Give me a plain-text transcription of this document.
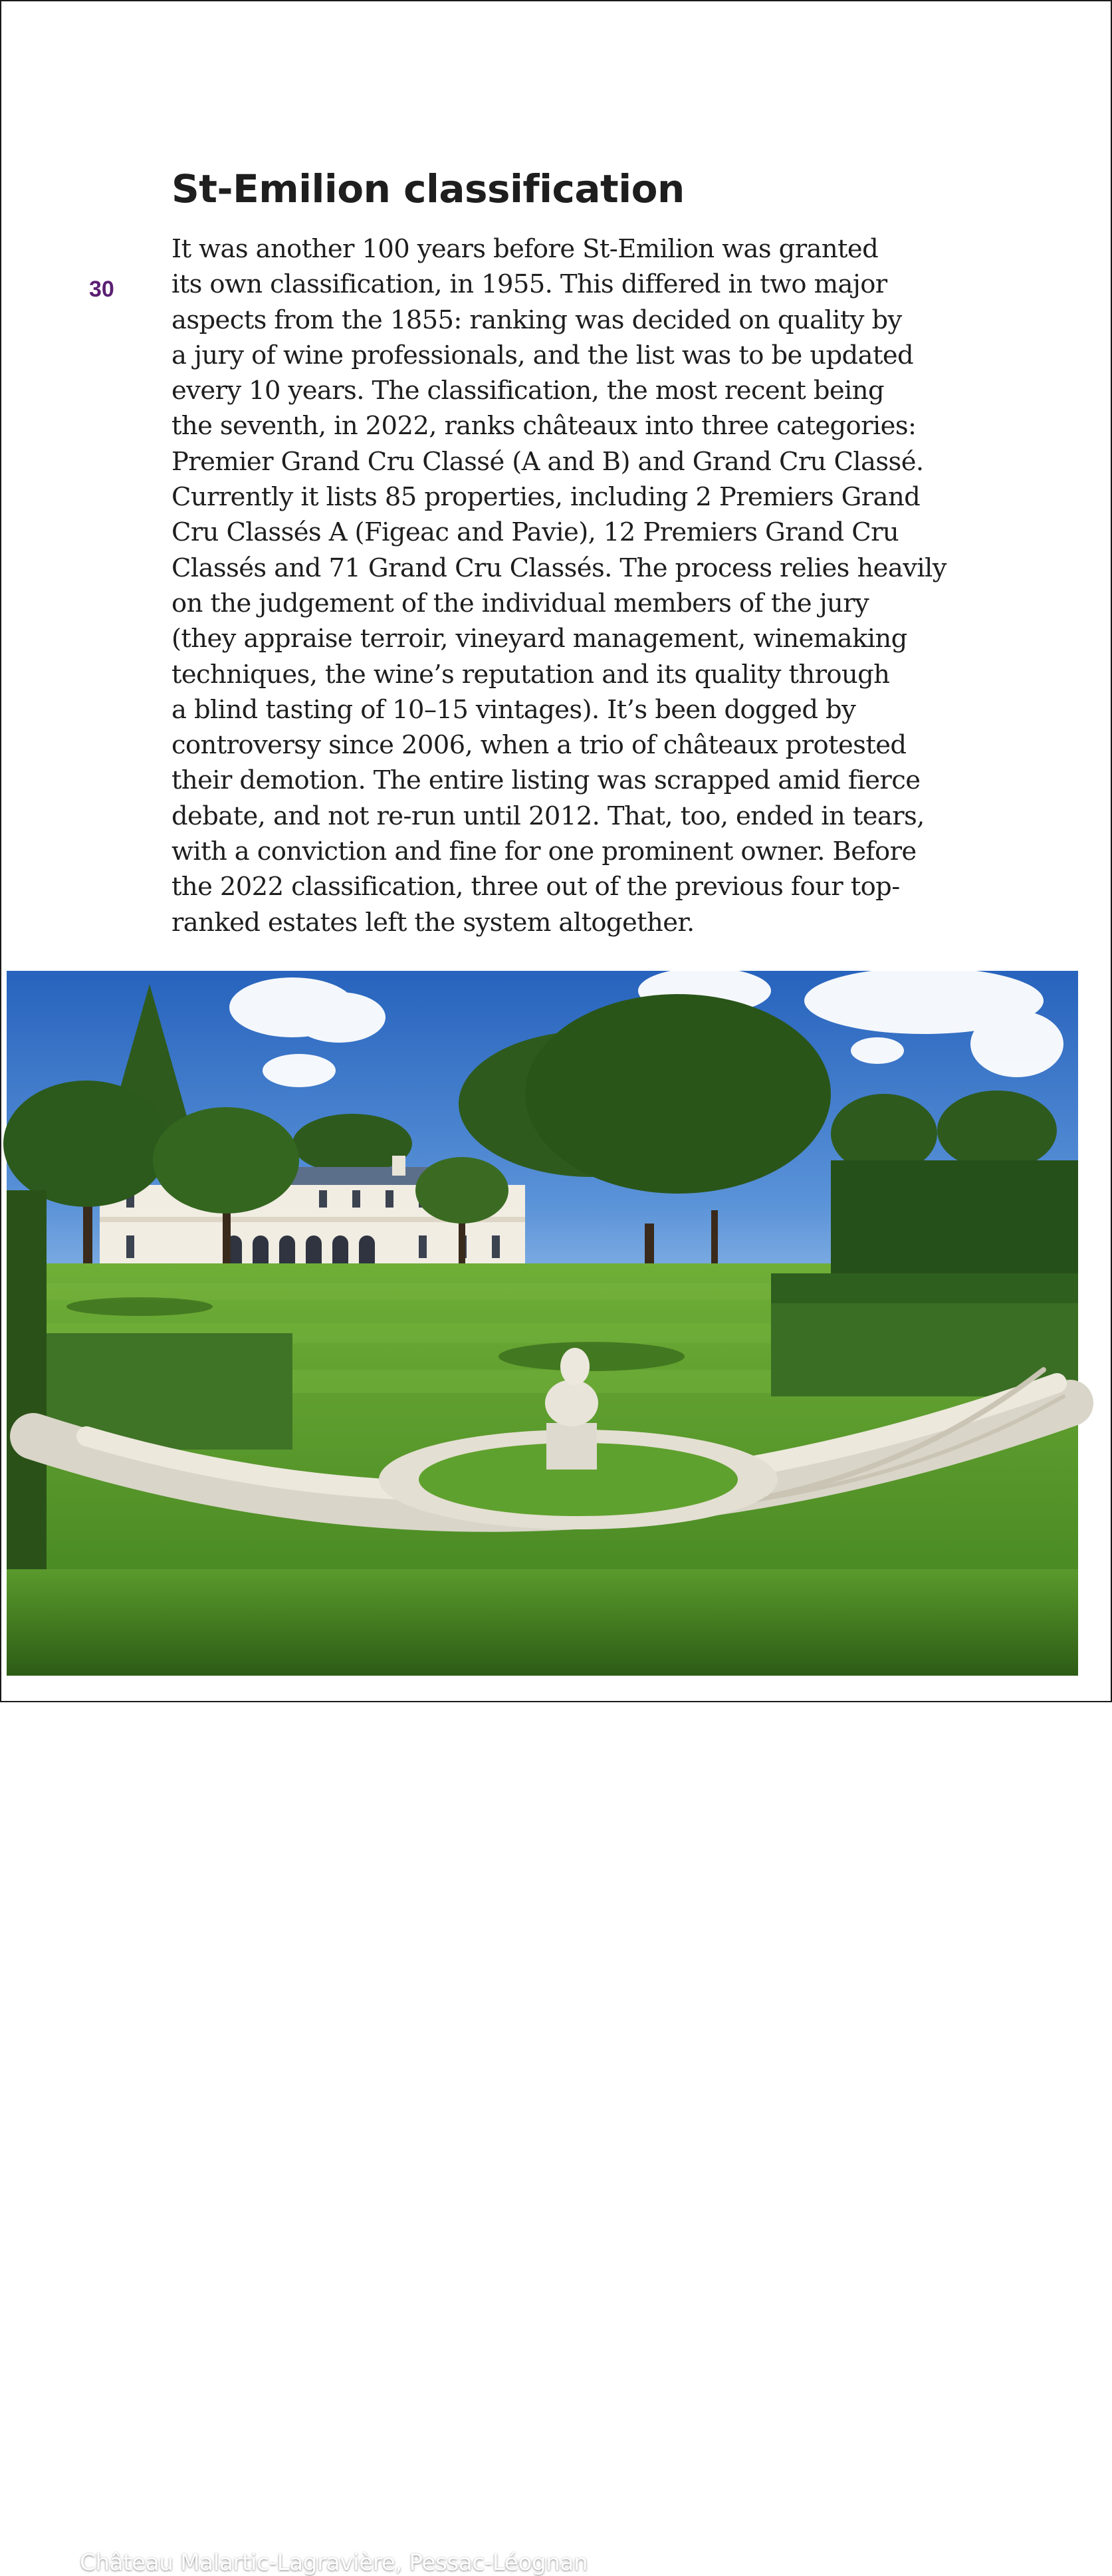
30
St-Emilion classification
It was another 100 years before St-Emilion was granted
its own classification, in 1955. This differed in two major
aspects from the 1855: ranking was decided on quality by
a jury of wine professionals, and the list was to be updated
every 10 years. The classification, the most recent being
the seventh, in 2022, ranks châteaux into three categories:
Premier Grand Cru Classé (A and B) and Grand Cru Classé.
Currently it lists 85 properties, including 2 Premiers Grand
Cru Classés A (Figeac and Pavie), 12 Premiers Grand Cru
Classés and 71 Grand Cru Classés. The process relies heavily
on the judgement of the individual members of the jury
(they appraise terroir, vineyard management, winemaking
techniques, the wine’s reputation and its quality through
a blind tasting of 10–15 vintages). It’s been dogged by
controversy since 2006, when a trio of châteaux protested
their demotion. The entire listing was scrapped amid fierce
debate, and not re-run until 2012. That, too, ended in tears,
with a conviction and fine for one prominent owner. Before
the 2022 classification, three out of the previous four top-
ranked estates left the system altogether.
Château Malartic-Lagravière, Pessac-Léognan
